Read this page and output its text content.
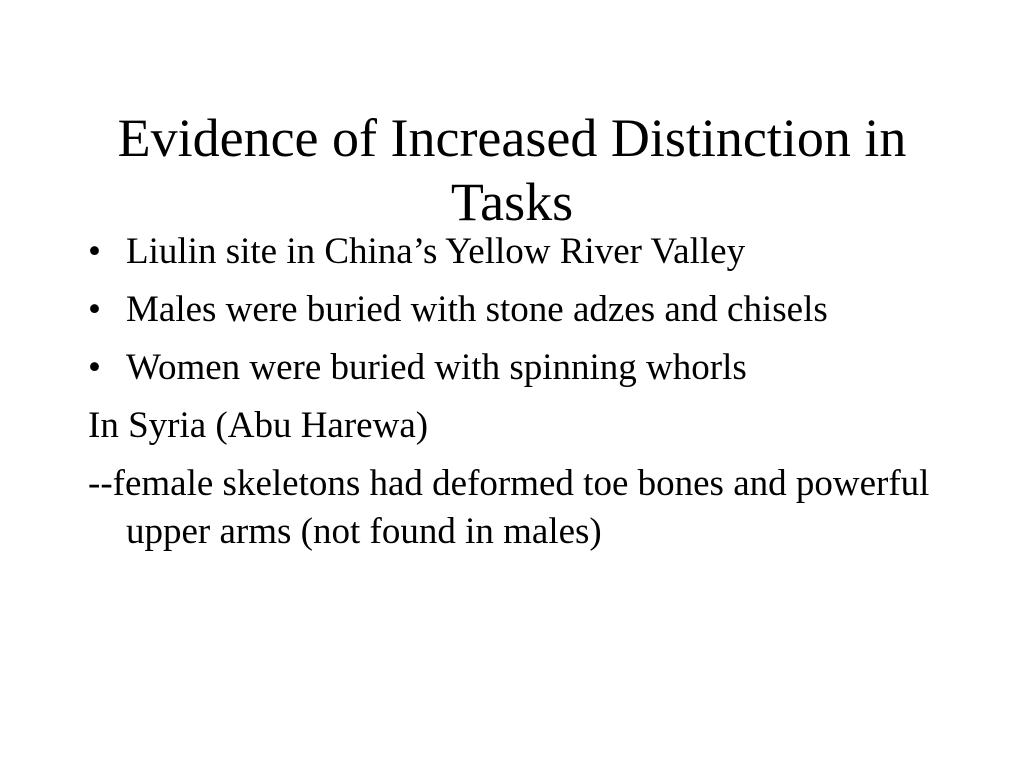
Evidence of Increased Distinction in Tasks
• Liulin site in China’s Yellow River Valley
• Males were buried with stone adzes and chisels
• Women were buried with spinning whorls
In Syria (Abu Harewa)
--female skeletons had deformed toe bones and powerful upper arms (not found in males)
